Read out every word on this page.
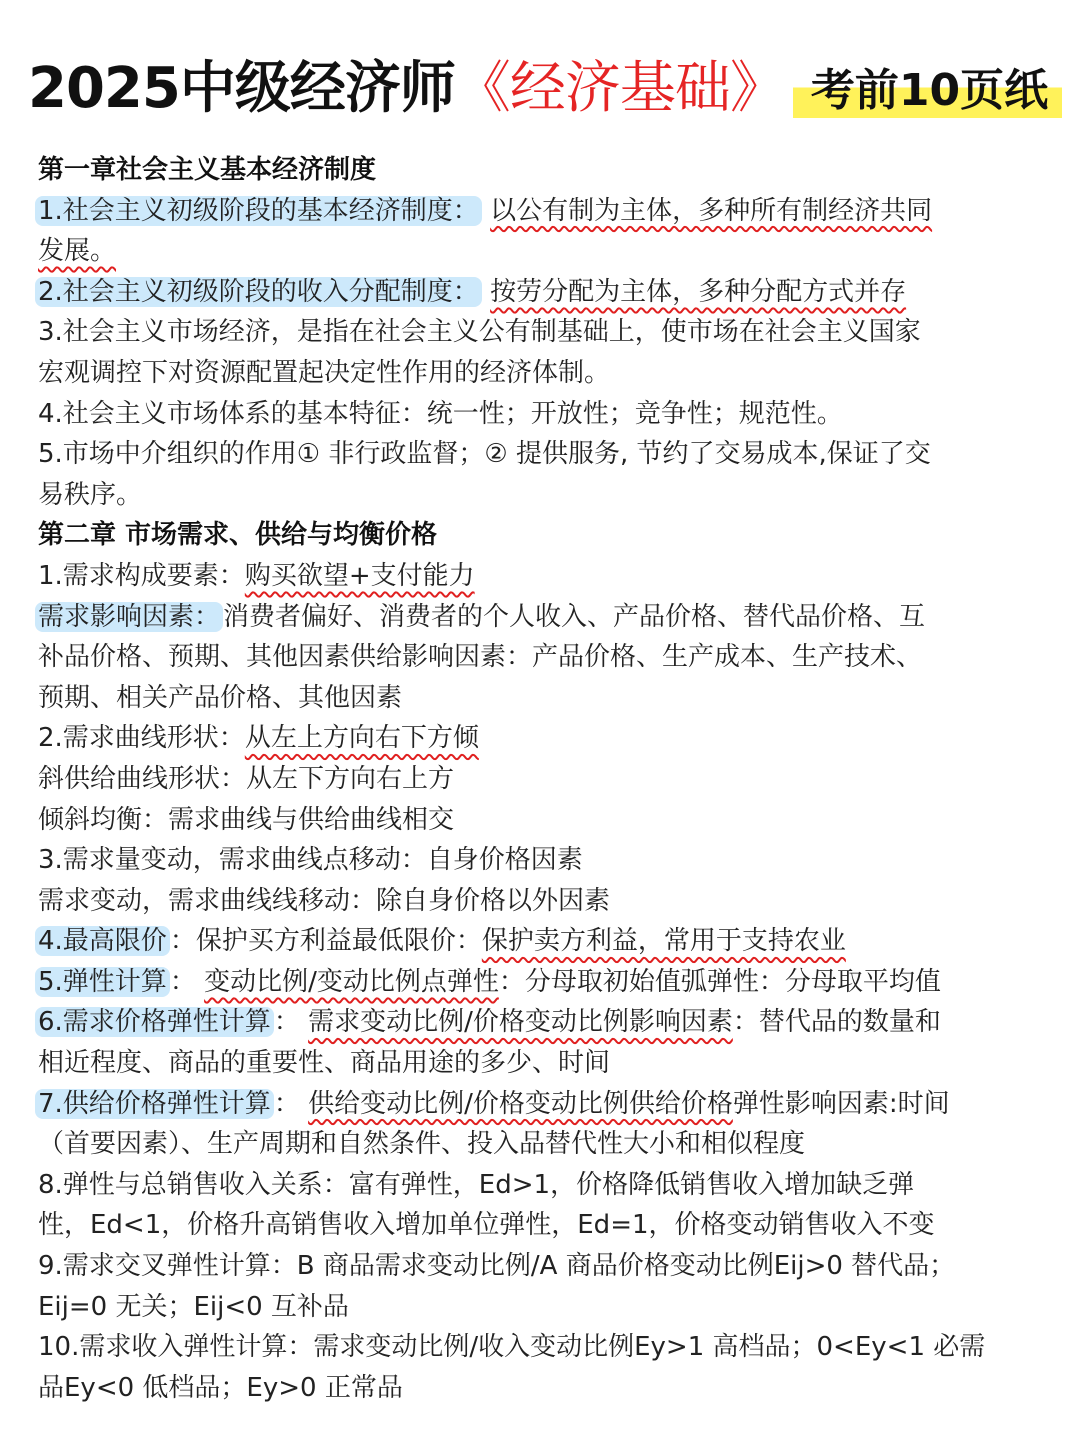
2025中级经济师《经济基础》 考前10页纸
第一章社会主义基本经济制度
1.社会主义初级阶段的基本经济制度： 以公有制为主体，多种所有制经济共同
发展。
2.社会主义初级阶段的收入分配制度： 按劳分配为主体，多种分配方式并存
3.社会主义市场经济，是指在社会主义公有制基础上，使市场在社会主义国家
宏观调控下对资源配置起决定性作用的经济体制。
4.社会主义市场体系的基本特征：统一性；开放性；竞争性；规范性。
5.市场中介组织的作用① 非行政监督；② 提供服务, 节约了交易成本,保证了交
易秩序。
第二章 市场需求、供给与均衡价格
1.需求构成要素：购买欲望+支付能力
需求影响因素： 消费者偏好、消费者的个人收入、产品价格、替代品价格、互
补品价格、预期、其他因素供给影响因素：产品价格、生产成本、生产技术、
预期、相关产品价格、其他因素
2.需求曲线形状：从左上方向右下方倾
斜供给曲线形状：从左下方向右上方
倾斜均衡：需求曲线与供给曲线相交
3.需求量变动，需求曲线点移动：自身价格因素
需求变动，需求曲线线移动：除自身价格以外因素
4.最高限价 ：保护买方利益最低限价：保护卖方利益，常用于支持农业
5.弹性计算 ： 变动比例/变动比例点弹性：分母取初始值弧弹性：分母取平均值
6.需求价格弹性计算 ： 需求变动比例/价格变动比例影响因素：替代品的数量和
相近程度、商品的重要性、商品用途的多少、时间
7.供给价格弹性计算 ： 供给变动比例/价格变动比例供给价格弹性影响因素:时间
（首要因素）、生产周期和自然条件、投入品替代性大小和相似程度
8.弹性与总销售收入关系：富有弹性，Ed>1，价格降低销售收入增加缺乏弹
性，Ed<1，价格升高销售收入增加单位弹性，Ed=1，价格变动销售收入不变
9.需求交叉弹性计算：B 商品需求变动比例/A 商品价格变动比例Eij>0 替代品；
Eij=0 无关；Eij<0 互补品
10.需求收入弹性计算：需求变动比例/收入变动比例Ey>1 高档品；0<Ey<1 必需
品Ey<0 低档品；Ey>0 正常品
